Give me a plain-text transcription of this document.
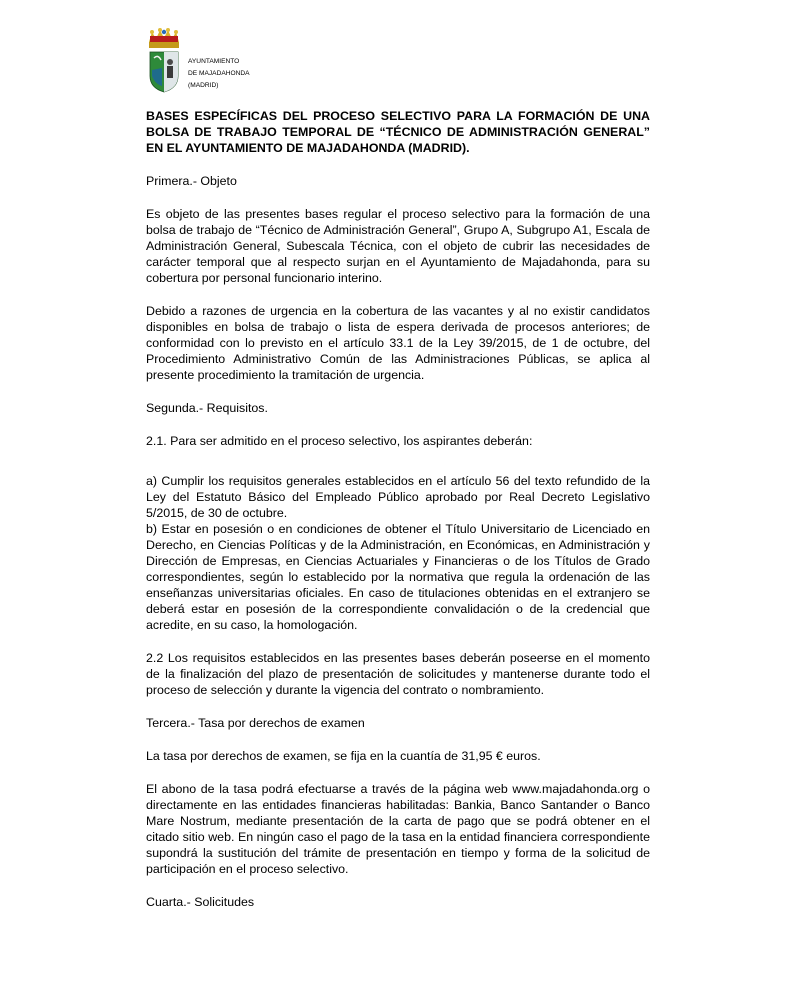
AYUNTAMIENTO
DE MAJADAHONDA
(MADRID)
BASES ESPECÍFICAS DEL PROCESO SELECTIVO PARA LA FORMACIÓN DE UNA BOLSA DE TRABAJO TEMPORAL DE “TÉCNICO DE ADMINISTRACIÓN GENERAL” EN EL AYUNTAMIENTO DE MAJADAHONDA (MADRID).
Primera.- Objeto
Es objeto de las presentes bases regular el proceso selectivo para la formación de una bolsa de trabajo de “Técnico de Administración General”, Grupo A, Subgrupo A1, Escala de Administración General, Subescala Técnica, con el objeto de cubrir las necesidades de carácter temporal que al respecto surjan en el Ayuntamiento de Majadahonda, para su cobertura por personal funcionario interino.
Debido a razones de urgencia en la cobertura de las vacantes y al no existir candidatos disponibles en bolsa de trabajo o lista de espera derivada de procesos anteriores; de conformidad con lo previsto en el artículo 33.1 de la Ley 39/2015, de 1 de octubre, del Procedimiento Administrativo Común de las Administraciones Públicas, se aplica al presente procedimiento la tramitación de urgencia.
Segunda.- Requisitos.
2.1. Para ser admitido en el proceso selectivo, los aspirantes deberán:
a) Cumplir los requisitos generales establecidos en el artículo 56 del texto refundido de la Ley del Estatuto Básico del Empleado Público aprobado por Real Decreto Legislativo 5/2015, de 30 de octubre.
b) Estar en posesión o en condiciones de obtener el Título Universitario de Licenciado en Derecho, en Ciencias Políticas y de la Administración, en Económicas, en Administración y Dirección de Empresas, en Ciencias Actuariales y Financieras o de los Títulos de Grado correspondientes, según lo establecido por la normativa que regula la ordenación de las enseñanzas universitarias oficiales. En caso de titulaciones obtenidas en el extranjero se deberá estar en posesión de la correspondiente convalidación o de la credencial que acredite, en su caso, la homologación.
2.2 Los requisitos establecidos en las presentes bases deberán poseerse en el momento de la finalización del plazo de presentación de solicitudes y mantenerse durante todo el proceso de selección y durante la vigencia del contrato o nombramiento.
Tercera.- Tasa por derechos de examen
La tasa por derechos de examen, se fija en la cuantía de 31,95 € euros.
El abono de la tasa podrá efectuarse a través de la página web www.majadahonda.org o directamente en las entidades financieras habilitadas: Bankia, Banco Santander o Banco Mare Nostrum, mediante presentación de la carta de pago que se podrá obtener en el citado sitio web. En ningún caso el pago de la tasa en la entidad financiera correspondiente supondrá la sustitución del trámite de presentación en tiempo y forma de la solicitud de participación en el proceso selectivo.
Cuarta.- Solicitudes
